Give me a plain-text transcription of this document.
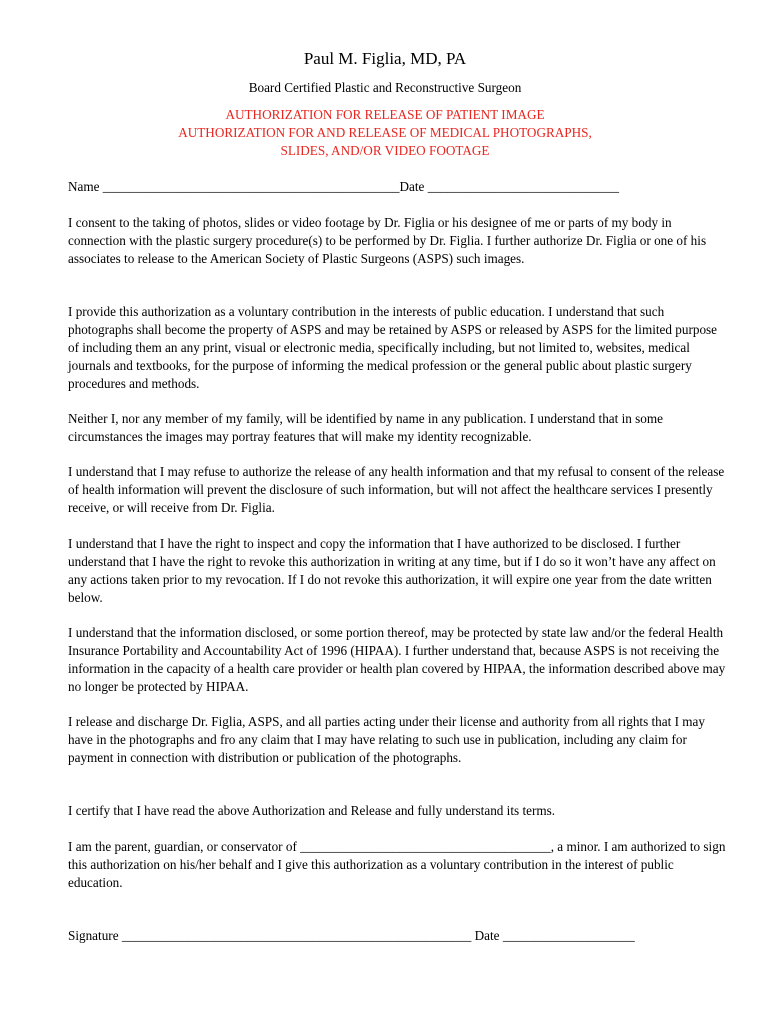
Paul M. Figlia, MD, PA
Board Certified Plastic and Reconstructive Surgeon
AUTHORIZATION FOR RELEASE OF PATIENT IMAGE
AUTHORIZATION FOR AND RELEASE OF MEDICAL PHOTOGRAPHS,
SLIDES, AND/OR VIDEO FOOTAGE
Name _____________________________________________Date _____________________________
I consent to the taking of photos, slides or video footage by Dr. Figlia or his designee of me or parts of my body in connection with the plastic surgery procedure(s) to be performed by Dr. Figlia. I further authorize Dr. Figlia or one of his associates to release to the American Society of Plastic Surgeons (ASPS) such images.
I provide this authorization as a voluntary contribution in the interests of public education. I understand that such photographs shall become the property of ASPS and may be retained by ASPS or released by ASPS for the limited purpose of including them an any print, visual or electronic media, specifically including, but not limited to, websites, medical journals and textbooks, for the purpose of informing the medical profession or the general public about plastic surgery procedures and methods.
Neither I, nor any member of my family, will be identified by name in any publication. I understand that in some circumstances the images may portray features that will make my identity recognizable.
I understand that I may refuse to authorize the release of any health information and that my refusal to consent of the release of health information will prevent the disclosure of such information, but will not affect the healthcare services I presently receive, or will receive from Dr. Figlia.
I understand that I have the right to inspect and copy the information that I have authorized to be disclosed. I further understand that I have the right to revoke this authorization in writing at any time, but if I do so it won’t have any affect on any actions taken prior to my revocation. If I do not revoke this authorization, it will expire one year from the date written below.
I understand that the information disclosed, or some portion thereof, may be protected by state law and/or the federal Health Insurance Portability and Accountability Act of 1996 (HIPAA). I further understand that, because ASPS is not receiving the information in the capacity of a health care provider or health plan covered by HIPAA, the information described above may no longer be protected by HIPAA.
I release and discharge Dr. Figlia, ASPS, and all parties acting under their license and authority from all rights that I may have in the photographs and fro any claim that I may have relating to such use in publication, including any claim for payment in connection with distribution or publication of the photographs.
I certify that I have read the above Authorization and Release and fully understand its terms.
I am the parent, guardian, or conservator of ______________________________________, a minor. I am authorized to sign this authorization on his/her behalf and I give this authorization as a voluntary contribution in the interest of public education.
Signature _____________________________________________________ Date ____________________
